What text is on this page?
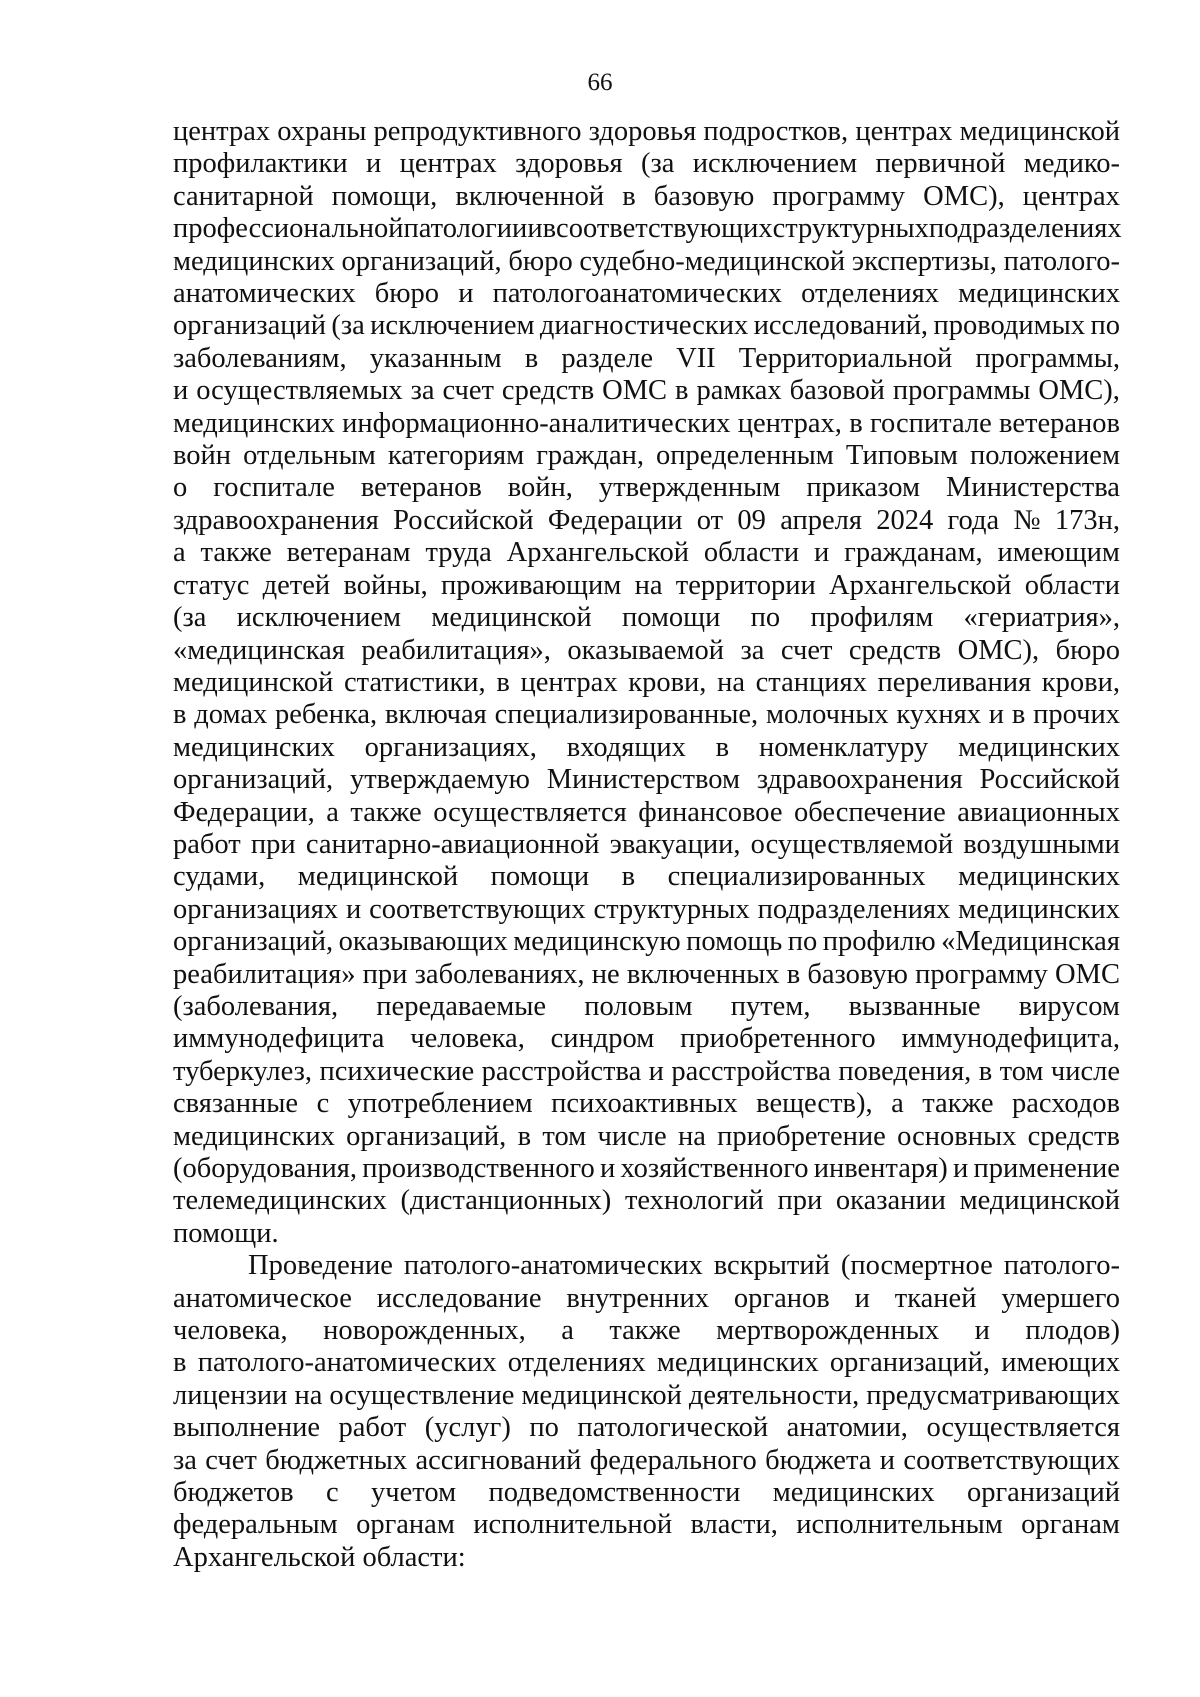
66
центрах охраны репродуктивного здоровья подростков, центрах медицинской
профилактики и центрах здоровья (за исключением первичной медико-
санитарной помощи, включенной в базовую программу ОМС), центрах
профессиональной патологии и в соответствующих структурных подразделениях
медицинских организаций, бюро судебно-медицинской экспертизы, патолого-
анатомических бюро и патологоанатомических отделениях медицинских
организаций (за исключением диагностических исследований, проводимых по
заболеваниям, указанным в разделе VII Территориальной программы,
и осуществляемых за счет средств ОМС в рамках базовой программы ОМС),
медицинских информационно-аналитических центрах, в госпитале ветеранов
войн отдельным категориям граждан, определенным Типовым положением
о госпитале ветеранов войн, утвержденным приказом Министерства
здравоохранения Российской Федерации от 09 апреля 2024 года № 173н,
а также ветеранам труда Архангельской области и гражданам, имеющим
статус детей войны, проживающим на территории Архангельской области
(за исключением медицинской помощи по профилям «гериатрия»,
«медицинская реабилитация», оказываемой за счет средств ОМС), бюро
медицинской статистики, в центрах крови, на станциях переливания крови,
в домах ребенка, включая специализированные, молочных кухнях и в прочих
медицинских организациях, входящих в номенклатуру медицинских
организаций, утверждаемую Министерством здравоохранения Российской
Федерации, а также осуществляется финансовое обеспечение авиационных
работ при санитарно-авиационной эвакуации, осуществляемой воздушными
судами, медицинской помощи в специализированных медицинских
организациях и соответствующих структурных подразделениях медицинских
организаций, оказывающих медицинскую помощь по профилю «Медицинская
реабилитация» при заболеваниях, не включенных в базовую программу ОМС
(заболевания, передаваемые половым путем, вызванные вирусом
иммунодефицита человека, синдром приобретенного иммунодефицита,
туберкулез, психические расстройства и расстройства поведения, в том числе
связанные с употреблением психоактивных веществ), а также расходов
медицинских организаций, в том числе на приобретение основных средств
(оборудования, производственного и хозяйственного инвентаря) и применение
телемедицинских (дистанционных) технологий при оказании медицинской
помощи.
Проведение патолого-анатомических вскрытий (посмертное патолого-
анатомическое исследование внутренних органов и тканей умершего
человека, новорожденных, а также мертворожденных и плодов)
в патолого-анатомических отделениях медицинских организаций, имеющих
лицензии на осуществление медицинской деятельности, предусматривающих
выполнение работ (услуг) по патологической анатомии, осуществляется
за счет бюджетных ассигнований федерального бюджета и соответствующих
бюджетов с учетом подведомственности медицинских организаций
федеральным органам исполнительной власти, исполнительным органам
Архангельской области:
